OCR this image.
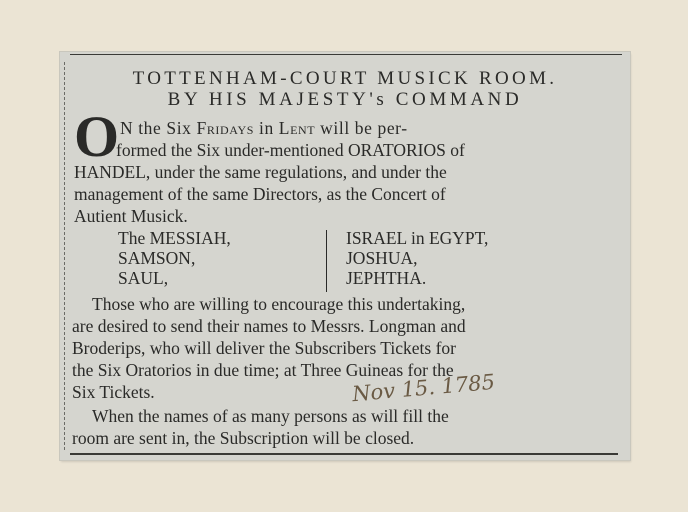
TOTTENHAM-COURT MUSICK ROOM.
BY HIS MAJESTY's COMMAND
O N the Six Fridays in Lent will be per-
formed the Six under-mentioned ORATORIOS of
HANDEL, under the same regulations, and under the
management of the same Directors, as the Concert of
Autient Musick.
The MESSIAH,
SAMSON,
SAUL,
ISRAEL in EGYPT,
JOSHUA,
JEPHTHA.
Those who are willing to encourage this undertaking,
are desired to send their names to Messrs. Longman and
Broderips, who will deliver the Subscribers Tickets for
the Six Oratorios in due time; at Three Guineas for the
Six Tickets.	Nov 15. 1785
When the names of as many persons as will fill the
room are sent in, the Subscription will be closed.
